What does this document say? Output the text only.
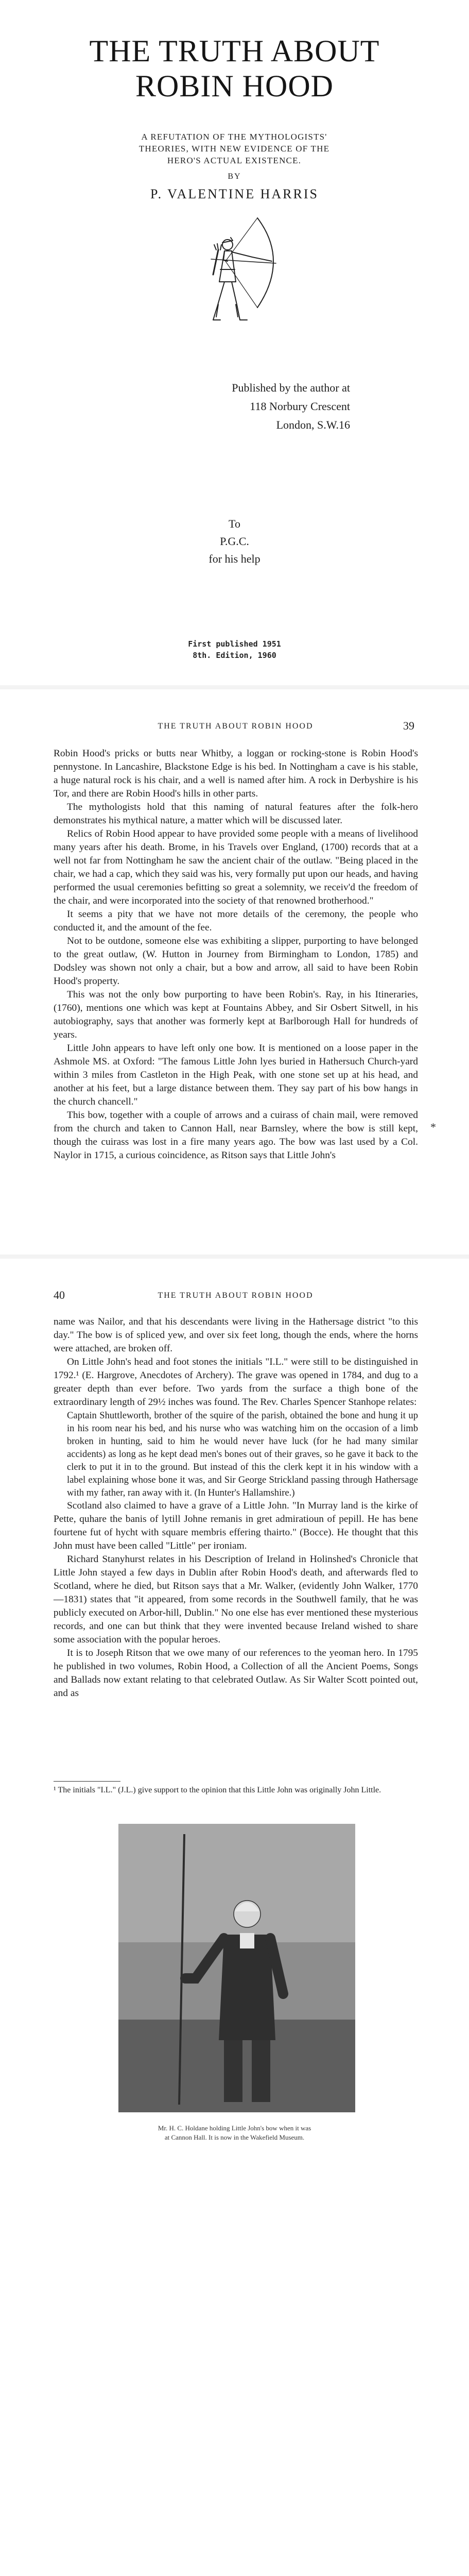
THE TRUTH ABOUT
ROBIN HOOD
A REFUTATION OF THE MYTHOLOGISTS'
THEORIES, WITH NEW EVIDENCE OF THE
HERO'S ACTUAL EXISTENCE.
BY
P. VALENTINE HARRIS
Published by the author at
118 Norbury Crescent
London, S.W.16
To
P.G.C.
for his help
First published 1951
8th. Edition, 1960
THE TRUTH ABOUT ROBIN HOOD	39

Robin Hood's pricks or butts near Whitby, a loggan or rocking-stone is Robin Hood's pennystone. In Lancashire, Blackstone Edge is his bed. In Nottingham a cave is his stable, a huge natural rock is his chair, and a well is named after him. A rock in Derbyshire is his Tor, and there are Robin Hood's hills in other parts.

The mythologists hold that this naming of natural features after the folk-hero demonstrates his mythical nature, a matter which will be discussed later.

Relics of Robin Hood appear to have provided some people with a means of livelihood many years after his death. Brome, in his Travels over England, (1700) records that at a well not far from Nottingham he saw the ancient chair of the outlaw. "Being placed in the chair, we had a cap, which they said was his, very formally put upon our heads, and having performed the usual ceremonies befitting so great a solemnity, we receiv'd the freedom of the chair, and were incorporated into the society of that renowned brotherhood."

It seems a pity that we have not more details of the ceremony, the people who conducted it, and the amount of the fee.

Not to be outdone, someone else was exhibiting a slipper, purporting to have belonged to the great outlaw, (W. Hutton in Journey from Birmingham to London, 1785) and Dodsley was shown not only a chair, but a bow and arrow, all said to have been Robin Hood's property.

This was not the only bow purporting to have been Robin's. Ray, in his Itineraries, (1760), mentions one which was kept at Fountains Abbey, and Sir Osbert Sitwell, in his autobiography, says that another was formerly kept at Barlborough Hall for hundreds of years.

Little John appears to have left only one bow. It is mentioned on a loose paper in the Ashmole MS. at Oxford: "The famous Little John lyes buried in Hathersuch Church-yard within 3 miles from Castleton in the High Peak, with one stone set up at his head, and another at his feet, but a large distance between them. They say part of his bow hangs in the church chancell."

This bow, together with a couple of arrows and a cuirass of chain mail, were removed from the church and taken to Cannon Hall, near Barnsley, where the bow is still kept, though the cuirass was lost in a fire many years ago. The bow was last used by a Col. Naylor in 1715, a curious coincidence, as Ritson says that Little John's

*
40	THE TRUTH ABOUT ROBIN HOOD

name was Nailor, and that his descendants were living in the Hathersage district "to this day." The bow is of spliced yew, and over six feet long, though the ends, where the horns were attached, are broken off.

On Little John's head and foot stones the initials "I.L." were still to be distinguished in 1792.¹ (E. Hargrove, Anecdotes of Archery). The grave was opened in 1784, and dug to a greater depth than ever before. Two yards from the surface a thigh bone of the extraordinary length of 29½ inches was found. The Rev. Charles Spencer Stanhope relates:

Captain Shuttleworth, brother of the squire of the parish, obtained the bone and hung it up in his room near his bed, and his nurse who was watching him on the occasion of a limb broken in hunting, said to him he would never have luck (for he had many similar accidents) as long as he kept dead men's bones out of their graves, so he gave it back to the clerk to put it in to the ground. But instead of this the clerk kept it in his window with a label explaining whose bone it was, and Sir George Strickland passing through Hathersage with my father, ran away with it. (In Hunter's Hallamshire.)

Scotland also claimed to have a grave of a Little John. "In Murray land is the kirke of Pette, quhare the banis of lytill Johne remanis in gret admiratioun of pepill. He has bene fourtene fut of hycht with square membris effering thairto." (Bocce). He thought that this John must have been called "Little" per ironiam.

Richard Stanyhurst relates in his Description of Ireland in Holinshed's Chronicle that Little John stayed a few days in Dublin after Robin Hood's death, and afterwards fled to Scotland, where he died, but Ritson says that a Mr. Walker, (evidently John Walker, 1770—1831) states that "it appeared, from some records in the Southwell family, that he was publicly executed on Arbor-hill, Dublin." No one else has ever mentioned these mysterious records, and one can but think that they were invented because Ireland wished to share some association with the popular heroes.

It is to Joseph Ritson that we owe many of our references to the yeoman hero. In 1795 he published in two volumes, Robin Hood, a Collection of all the Ancient Poems, Songs and Ballads now extant relating to that celebrated Outlaw. As Sir Walter Scott pointed out, and as

¹ The initials "I.L." (J.L.) give support to the opinion that this Little John was originally John Little.
Mr. H. C. Holdane holding Little John's bow when it was
at Cannon Hall. It is now in the Wakefield Museum.
